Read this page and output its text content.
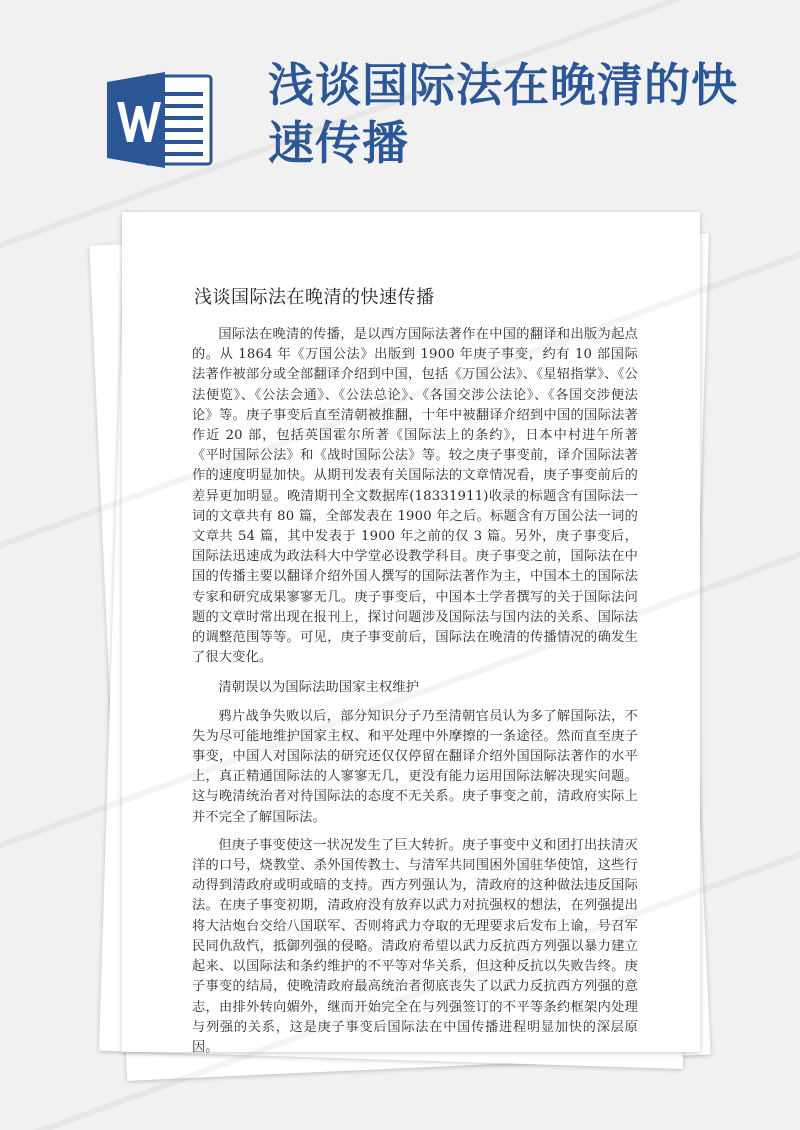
浅谈国际法在晚清的快速传播
浅谈国际法在晚清的快速传播

国际法在晚清的传播，是以西方国际法著作在中国的翻译和出版为起点的。从 1864 年《万国公法》出版到 1900 年庚子事变，约有 10 部国际法著作被部分或全部翻译介绍到中国，包括《万国公法》、《星轺指掌》、《公法便览》、《公法会通》、《公法总论》、《各国交涉公法论》、《各国交涉便法论》等。庚子事变后直至清朝被推翻，十年中被翻译介绍到中国的国际法著作近 20 部，包括英国霍尔所著《国际法上的条约》，日本中村进午所著《平时国际公法》和《战时国际公法》等。较之庚子事变前，译介国际法著作的速度明显加快。从期刊发表有关国际法的文章情况看，庚子事变前后的差异更加明显。晚清期刊全文数据库(18331911)收录的标题含有国际法一词的文章共有 80 篇，全部发表在 1900 年之后。标题含有万国公法一词的文章共 54 篇，其中发表于 1900 年之前的仅 3 篇。另外，庚子事变后，国际法迅速成为政法科大中学堂必设教学科目。庚子事变之前，国际法在中国的传播主要以翻译介绍外国人撰写的国际法著作为主，中国本土的国际法专家和研究成果寥寥无几。庚子事变后，中国本土学者撰写的关于国际法问题的文章时常出现在报刊上，探讨问题涉及国际法与国内法的关系、国际法的调整范围等等。可见，庚子事变前后，国际法在晚清的传播情况的确发生了很大变化。

清朝误以为国际法助国家主权维护

鸦片战争失败以后，部分知识分子乃至清朝官员认为多了解国际法，不失为尽可能地维护国家主权、和平处理中外摩擦的一条途径。然而直至庚子事变，中国人对国际法的研究还仅仅停留在翻译介绍外国国际法著作的水平上，真正精通国际法的人寥寥无几，更没有能力运用国际法解决现实问题。这与晚清统治者对待国际法的态度不无关系。庚子事变之前，清政府实际上并不完全了解国际法。

但庚子事变使这一状况发生了巨大转折。庚子事变中义和团打出扶清灭洋的口号，烧教堂、杀外国传教士、与清军共同围困外国驻华使馆，这些行动得到清政府或明或暗的支持。西方列强认为，清政府的这种做法违反国际法。在庚子事变初期，清政府没有放弃以武力对抗强权的想法，在列强提出将大沽炮台交给八国联军、否则将武力夺取的无理要求后发布上谕，号召军民同仇敌忾，抵御列强的侵略。清政府希望以武力反抗西方列强以暴力建立起来、以国际法和条约维护的不平等对华关系，但这种反抗以失败告终。庚子事变的结局，使晚清政府最高统治者彻底丧失了以武力反抗西方列强的意志，由排外转向媚外，继而开始完全在与列强签订的不平等条约框架内处理与列强的关系，这是庚子事变后国际法在中国传播进程明显加快的深层原因。
